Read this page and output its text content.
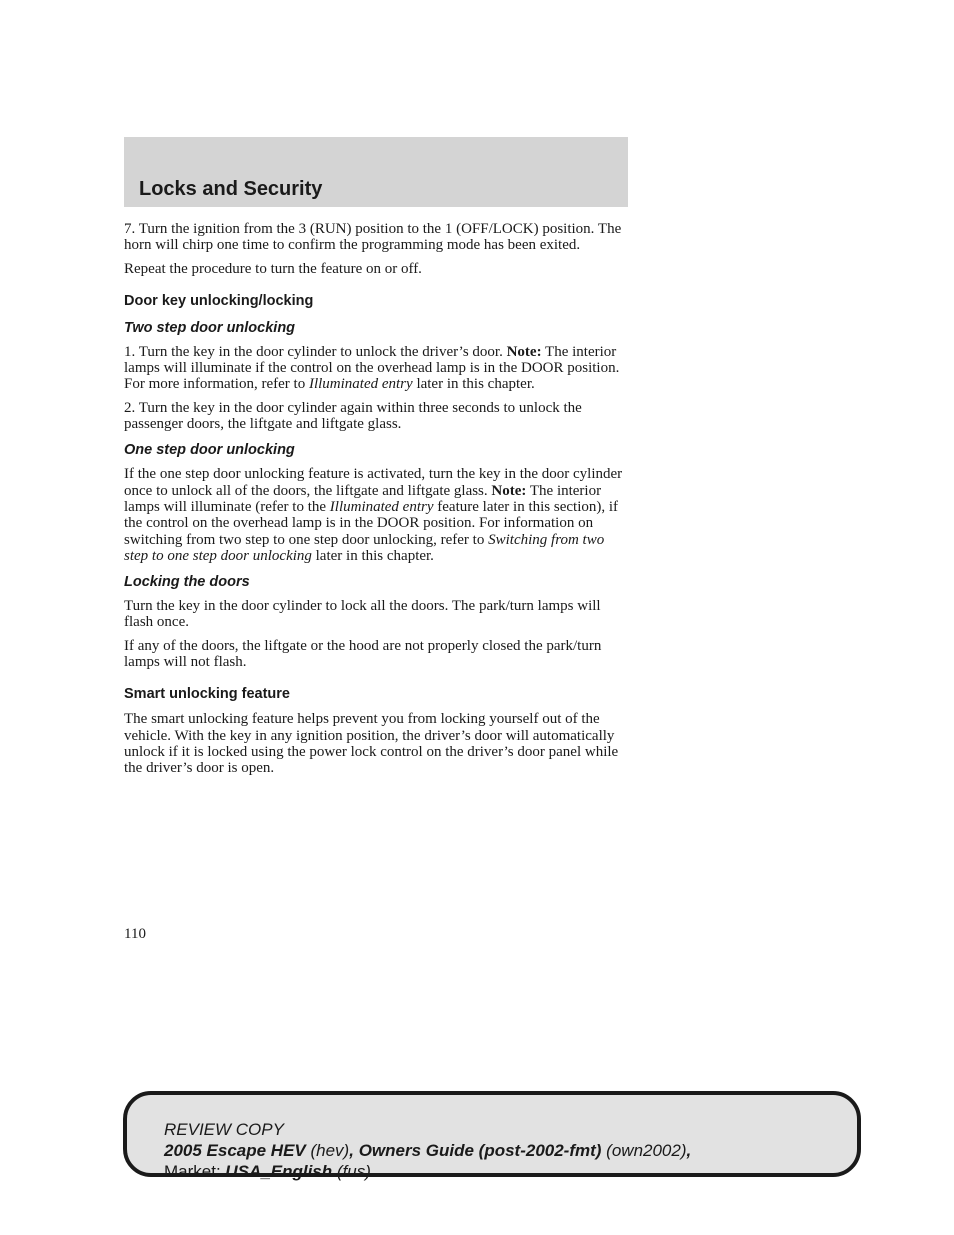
Locks and Security

7. Turn the ignition from the 3 (RUN) position to the 1 (OFF/LOCK) position. The horn will chirp one time to confirm the programming mode has been exited.

Repeat the procedure to turn the feature on or off.

Door key unlocking/locking
Two step door unlocking

1. Turn the key in the door cylinder to unlock the driver’s door. Note: The interior lamps will illuminate if the control on the overhead lamp is in the DOOR position. For more information, refer to Illuminated entry later in this chapter.

2. Turn the key in the door cylinder again within three seconds to unlock the passenger doors, the liftgate and liftgate glass.

One step door unlocking

If the one step door unlocking feature is activated, turn the key in the door cylinder once to unlock all of the doors, the liftgate and liftgate glass. Note: The interior lamps will illuminate (refer to the Illuminated entry feature later in this section), if the control on the overhead lamp is in the DOOR position. For information on switching from two step to one step door unlocking, refer to Switching from two step to one step door unlocking later in this chapter.

Locking the doors

Turn the key in the door cylinder to lock all the doors. The park/turn lamps will flash once.

If any of the doors, the liftgate or the hood are not properly closed the park/turn lamps will not flash.

Smart unlocking feature

The smart unlocking feature helps prevent you from locking yourself out of the vehicle. With the key in any ignition position, the driver’s door will automatically unlock if it is locked using the power lock control on the driver’s door panel while the driver’s door is open.

110
REVIEW COPY
2005 Escape HEV (hev), Owners Guide (post-2002-fmt) (own2002),
Market: USA_English (fus)
